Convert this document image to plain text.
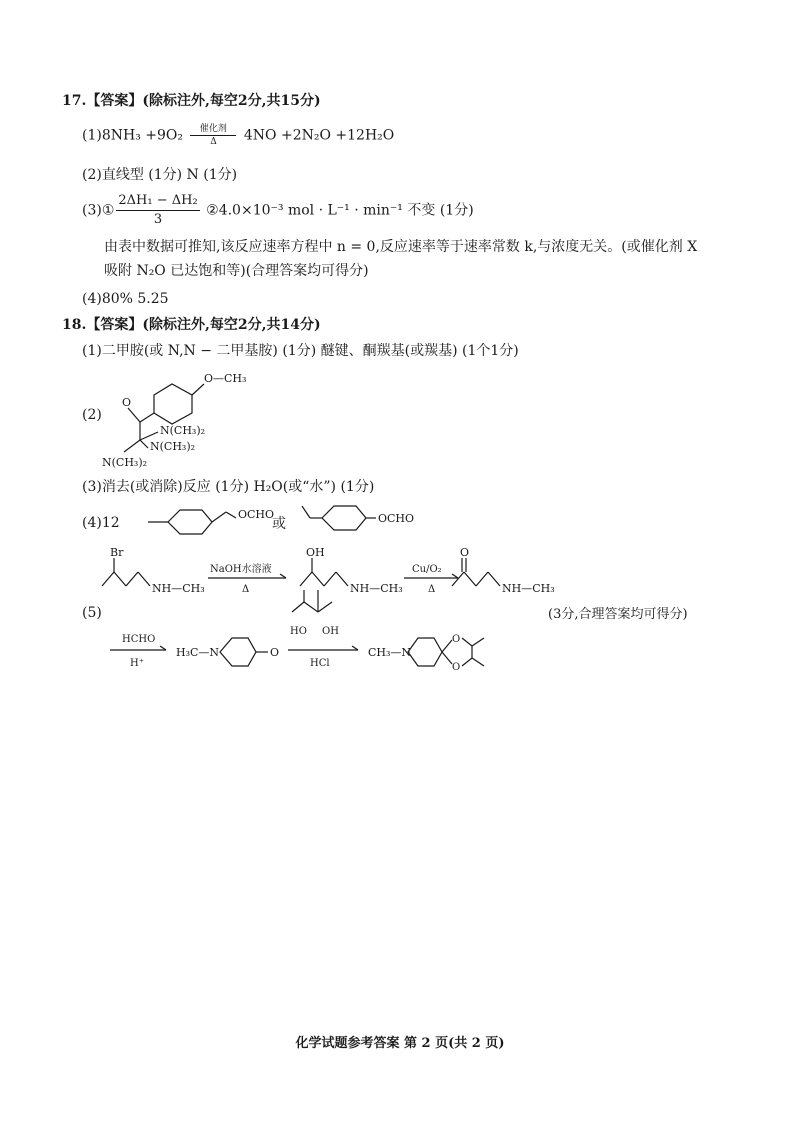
17.【答案】(除标注外,每空2分,共15分)
(1)8NH₃ +9O₂	催化剂
Δ	4NO +2N₂O +12H₂O
(2)直线型 (1分) N (1分)
(3)① $\frac{\text{2ΔH₁ − ΔH₂}}{3}$ ②4.0×10⁻³ mol · L⁻¹ · min⁻¹ 不变 (1分)
由表中数据可推知,该反应速率方程中 n = 0,反应速率等于速率常数 k,与浓度无关。(或催化剂 X
吸附 N₂O 已达饱和等)(合理答案均可得分)
(4)80% 5.25
18.【答案】(除标注外,每空2分,共14分)
(1)二甲胺(或 N,N − 二甲基胺) (1分) 醚键、酮羰基(或羰基) (1个1分)
(2)
O—CH₃
O
N(CH₃)₂
N(CH₃)₂
N(CH₃)₂
(3)消去(或消除)反应 (1分) H₂O(或“水”) (1分)
(4)12
OCHO
或	OCHO
(5)
Br
NH—CH₃
NaOH水溶液
Δ
OH
NH—CH₃
Cu/O₂
Δ
O
NH—CH₃
(3分,合理答案均可得分)
HCHO
H⁺
H₃C—N	O
HO OH
HCl
CH₃—N
O
O
化学试题参考答案 第 2 页(共 2 页)
